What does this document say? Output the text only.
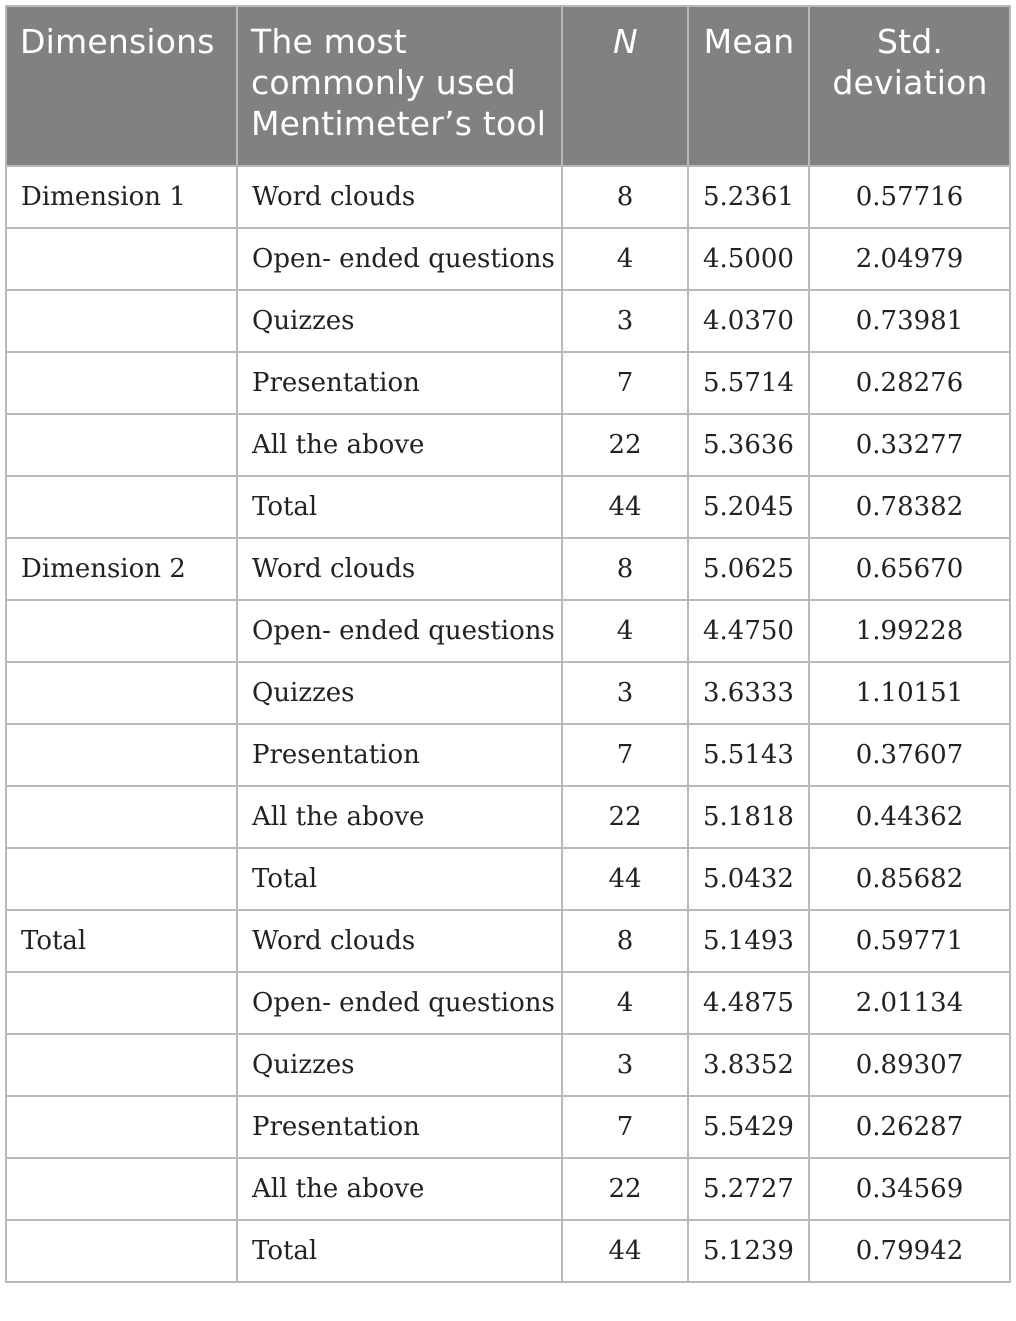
Dimensions	The most commonly used Mentimeter’s tool	N	Mean	Std. deviation
Dimension 1	Word clouds	8	5.2361	0.57716
	Open- ended questions	4	4.5000	2.04979
	Quizzes	3	4.0370	0.73981
	Presentation	7	5.5714	0.28276
	All the above	22	5.3636	0.33277
	Total	44	5.2045	0.78382
Dimension 2	Word clouds	8	5.0625	0.65670
	Open- ended questions	4	4.4750	1.99228
	Quizzes	3	3.6333	1.10151
	Presentation	7	5.5143	0.37607
	All the above	22	5.1818	0.44362
	Total	44	5.0432	0.85682
Total	Word clouds	8	5.1493	0.59771
	Open- ended questions	4	4.4875	2.01134
	Quizzes	3	3.8352	0.89307
	Presentation	7	5.5429	0.26287
	All the above	22	5.2727	0.34569
	Total	44	5.1239	0.79942
